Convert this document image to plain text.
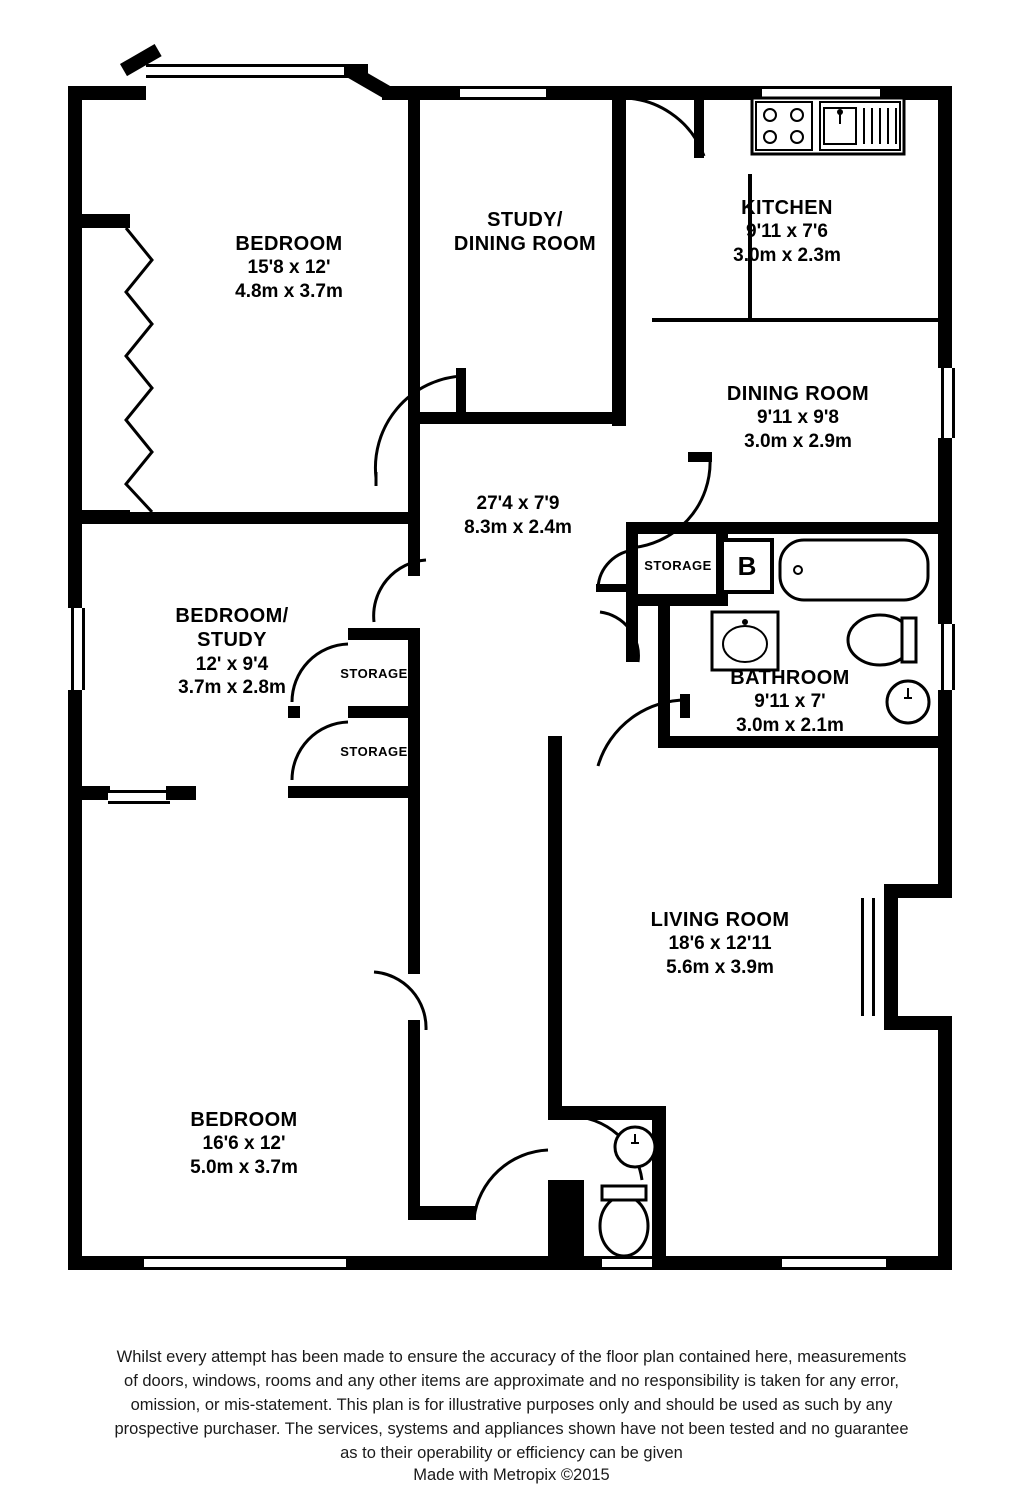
B
BEDROOM
15'8 x 12'
4.8m x 3.7m
STUDY/
DINING ROOM
KITCHEN
9'11 x 7'6
3.0m x 2.3m
DINING ROOM
9'11 x 9'8
3.0m x 2.9m
27'4 x 7'9
8.3m x 2.4m
BEDROOM/
STUDY
12' x 9'4
3.7m x 2.8m	BATHROOM
9'11 x 7'
3.0m x 2.1m
LIVING ROOM
18'6 x 12'11
5.6m x 3.9m
BEDROOM
16'6 x 12'
5.0m x 3.7m
STORAGE
STORAGE
STORAGE
Whilst every attempt has been made to ensure the accuracy of the floor plan contained here, measurements
of doors, windows, rooms and any other items are approximate and no responsibility is taken for any error,
omission, or mis-statement. This plan is for illustrative purposes only and should be used as such by any
prospective purchaser. The services, systems and appliances shown have not been tested and no guarantee
as to their operability or efficiency can be given
Made with Metropix ©2015
